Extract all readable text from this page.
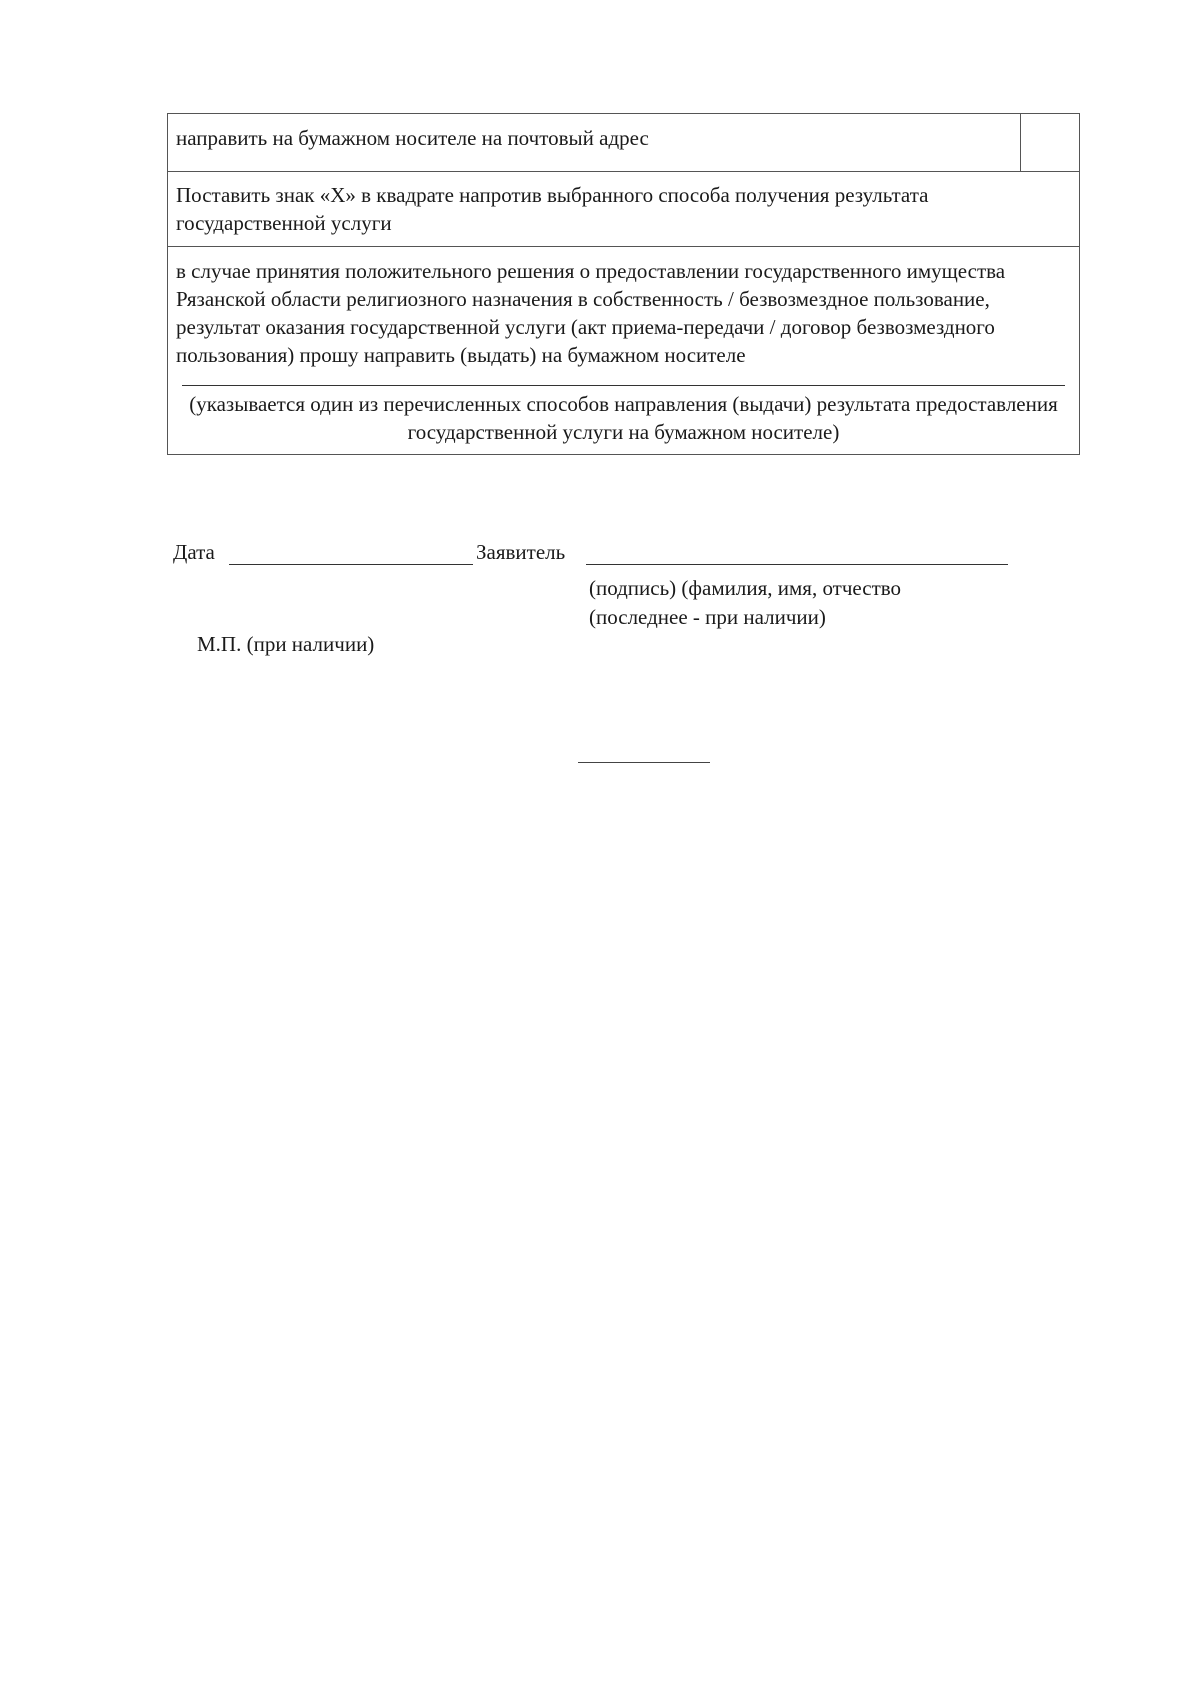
направить на бумажном носителе на почтовый адрес	
Поставить знак «X» в квадрате напротив выбранного способа получения результата государственной услуги

в случае принятия положительного решения о предоставлении государственного имущества Рязанской области религиозного назначения в собственность / безвозмездное пользование, результат оказания государственной услуги (акт приема-передачи / договор безвозмездного пользования) прошу направить (выдать) на бумажном носителе
(указывается один из перечисленных способов направления (выдачи) результата предоставления государственной услуги на бумажном носителе)
Дата	Заявитель
(подпись) (фамилия, имя, отчество
(последнее - при наличии)
М.П. (при наличии)
